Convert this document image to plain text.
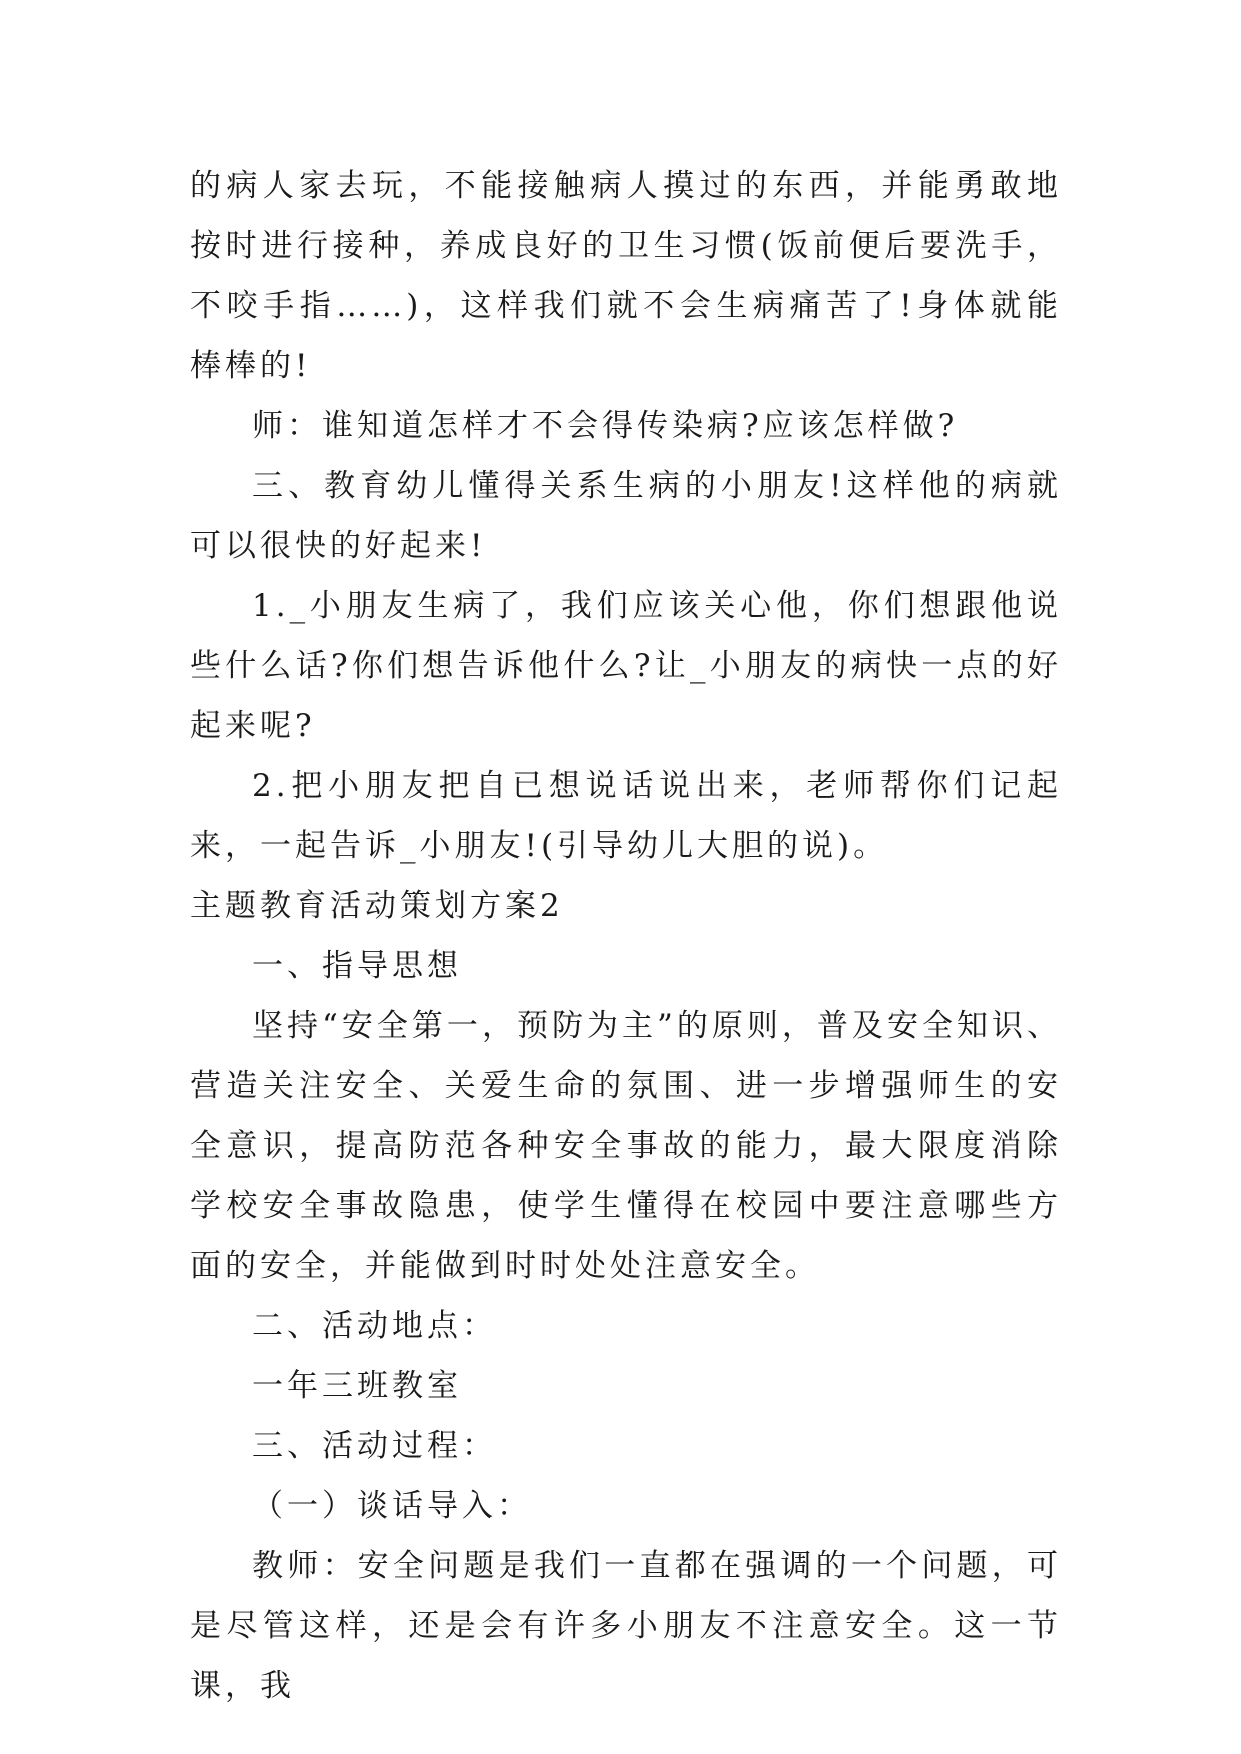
的病人家去玩，不能接触病人摸过的东西，并能勇敢地按时进行接种，养成良好的卫生习惯(饭前便后要洗手，不咬手指……)，这样我们就不会生病痛苦了!身体就能棒棒的!

师：谁知道怎样才不会得传染病?应该怎样做?

三、教育幼儿懂得关系生病的小朋友!这样他的病就可以很快的好起来!

1._小朋友生病了，我们应该关心他，你们想跟他说些什么话?你们想告诉他什么?让_小朋友的病快一点的好起来呢?

2.把小朋友把自已想说话说出来，老师帮你们记起来，一起告诉_小朋友!(引导幼儿大胆的说)。

主题教育活动策划方案2

一、指导思想

坚持“安全第一，预防为主”的原则，普及安全知识、营造关注安全、关爱生命的氛围、进一步增强师生的安全意识，提高防范各种安全事故的能力，最大限度消除学校安全事故隐患，使学生懂得在校园中要注意哪些方面的安全，并能做到时时处处注意安全。

二、活动地点：

一年三班教室

三、活动过程：

（一）谈话导入：

教师：安全问题是我们一直都在强调的一个问题，可是尽管这样，还是会有许多小朋友不注意安全。这一节课，我
